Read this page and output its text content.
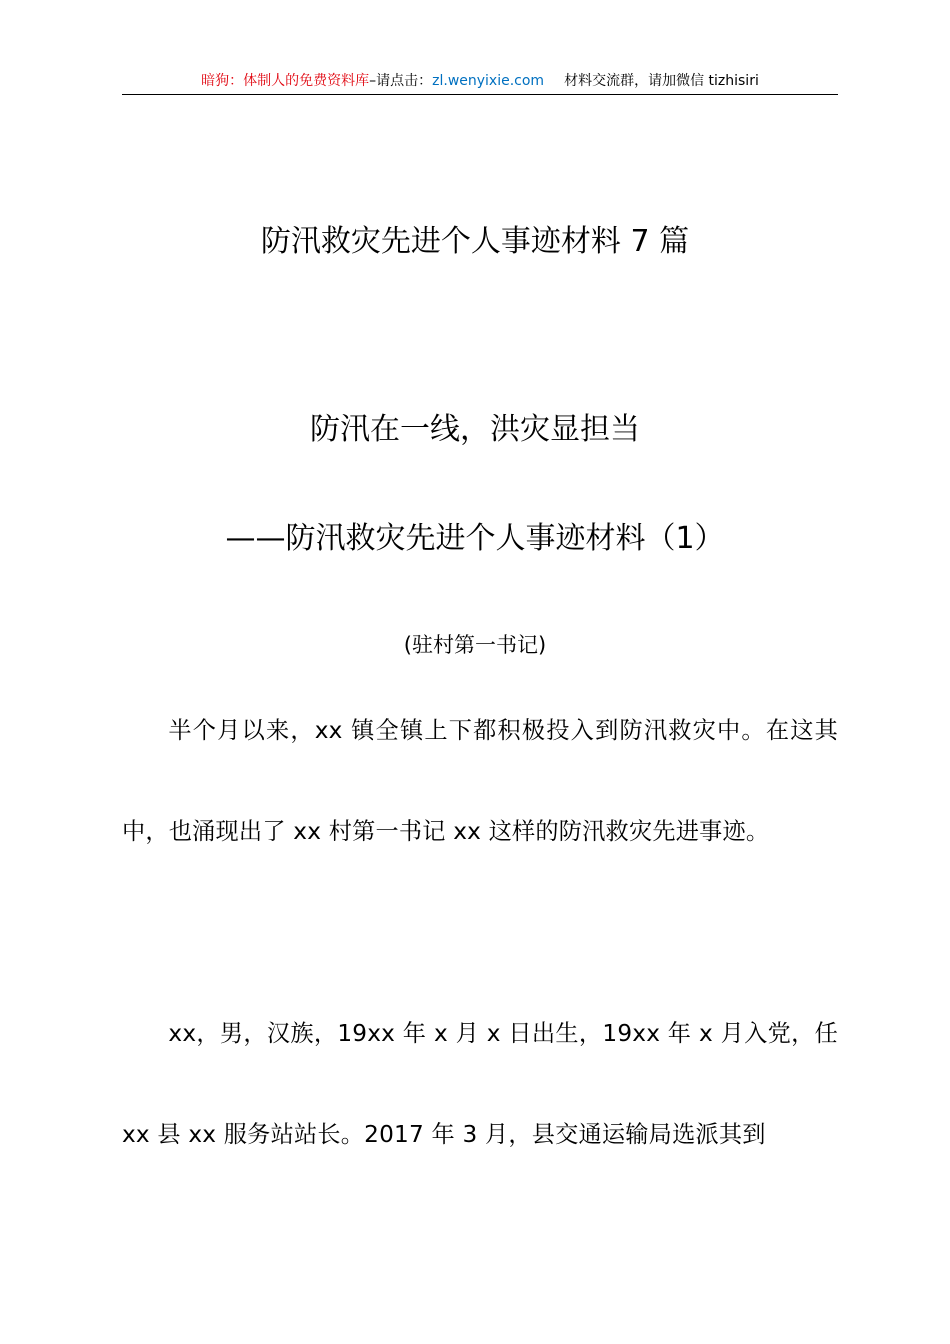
暗狗：体制人的免费资料库–请点击：zl.wenyixie.com 材料交流群，请加微信 tizhisiri
防汛救灾先进个人事迹材料 7 篇
防汛在一线，洪灾显担当
——防汛救灾先进个人事迹材料（1）
(驻村第一书记)

半个月以来，xx 镇全镇上下都积极投入到防汛救灾中。在这其中，也涌现出了 xx 村第一书记 xx 这样的防汛救灾先进事迹。

xx，男，汉族，19xx 年 x 月 x 日出生，19xx 年 x 月入党，任 xx 县 xx 服务站站长。2017 年 3 月，县交通运输局选派其到
